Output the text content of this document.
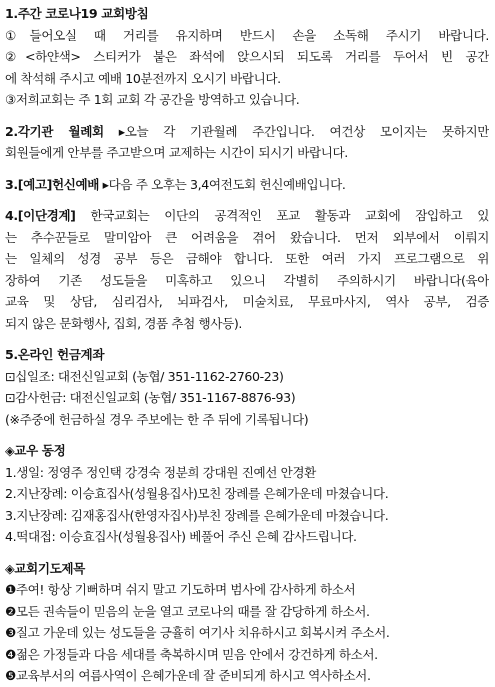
1.주간 코로나19 교회방침
①들어오실 때 거리를 유지하며 반드시 손을 소독해 주시기 바랍니다.
②<하얀색> 스티커가 붙은 좌석에 앉으시되 되도록 거리를 두어서 빈 공간
에 착석해 주시고 예배 10분전까지 오시기 바랍니다.
③저희교회는 주 1회 교회 각 공간을 방역하고 있습니다.
2.각기관 월례회 ▸오늘 각 기관월례 주간입니다. 여건상 모이지는 못하지만
회원들에게 안부를 주고받으며 교제하는 시간이 되시기 바랍니다.
3.[예고]헌신예배 ▸다음 주 오후는 3,4여전도회 헌신예배입니다.
4.[이단경계] 한국교회는 이단의 공격적인 포교 활동과 교회에 잠입하고 있
는 추수꾼들로 말미암아 큰 어려움을 겪어 왔습니다. 먼저 외부에서 이뤄지
는 일체의 성경 공부 등은 금해야 합니다. 또한 여러 가지 프로그램으로 위
장하여 기존 성도들을 미혹하고 있으니 각별히 주의하시기 바랍니다(육아
교육 및 상담, 심리검사, 뇌파검사, 미술치료, 무료마사지, 역사 공부, 검증
되지 않은 문화행사, 집회, 경품 추첨 행사등).
5.온라인 헌금계좌
⊡십일조: 대전신일교회 (농협/ 351-1162-2760-23)
⊡감사헌금: 대전신일교회 (농협/ 351-1167-8876-93)
(※주중에 헌금하실 경우 주보에는 한 주 뒤에 기록됩니다)
◈교우 동정
1.생일: 정영주 정인택 강경숙 정분희 강대원 진예선 안경환
2.지난장례: 이승효집사(성월용집사)모친 장례를 은혜가운데 마쳤습니다.
3.지난장례: 김재홍집사(한영자집사)부친 장례를 은혜가운데 마쳤습니다.
4.떡대접: 이승효집사(성월용집사) 베풀어 주신 은혜 감사드립니다.
◈교회기도제목
❶주여! 항상 기뻐하며 쉬지 말고 기도하며 범사에 감사하게 하소서
❷모든 권속들이 믿음의 눈을 열고 코로나의 때를 잘 감당하게 하소서.
❸질고 가운데 있는 성도들을 긍휼히 여기사 치유하시고 회복시켜 주소서.
❹젊은 가정들과 다음 세대를 축복하시며 믿음 안에서 강건하게 하소서.
❺교육부서의 여름사역이 은혜가운데 잘 준비되게 하시고 역사하소서.
